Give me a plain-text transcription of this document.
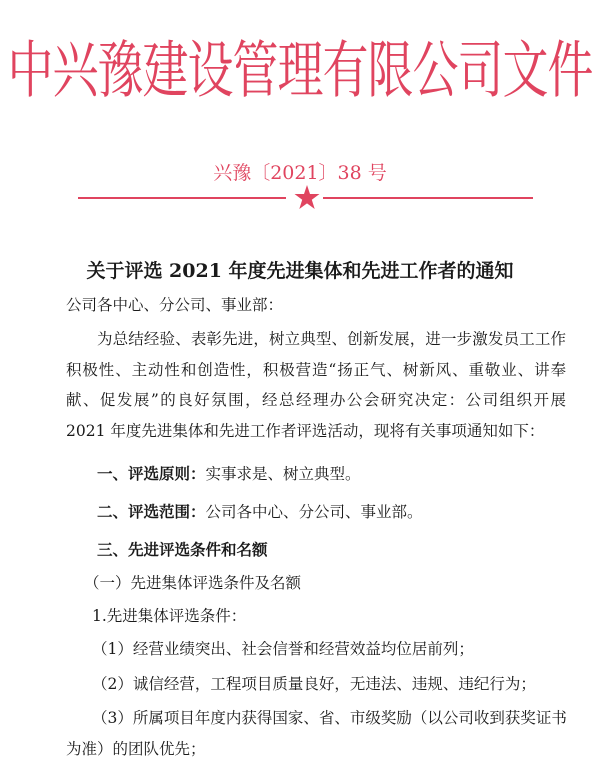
中兴豫建设管理有限公司文件
兴豫〔2021〕38 号
关于评选 2021 年度先进集体和先进工作者的通知

公司各中心、分公司、事业部：

为总结经验、表彰先进，树立典型、创新发展，进一步激发员工工作积极性、主动性和创造性，积极营造“扬正气、树新风、重敬业、讲奉献、促发展”的良好氛围，经总经理办公会研究决定：公司组织开展 2021 年度先进集体和先进工作者评选活动，现将有关事项通知如下：

一、评选原则：实事求是、树立典型。
二、评选范围：公司各中心、分公司、事业部。
三、先进评选条件和名额
（一）先进集体评选条件及名额
1.先进集体评选条件：
（1）经营业绩突出、社会信誉和经营效益均位居前列；
（2）诚信经营，工程项目质量良好，无违法、违规、违纪行为；
（3）所属项目年度内获得国家、省、市级奖励（以公司收到获奖证书
为准）的团队优先；
